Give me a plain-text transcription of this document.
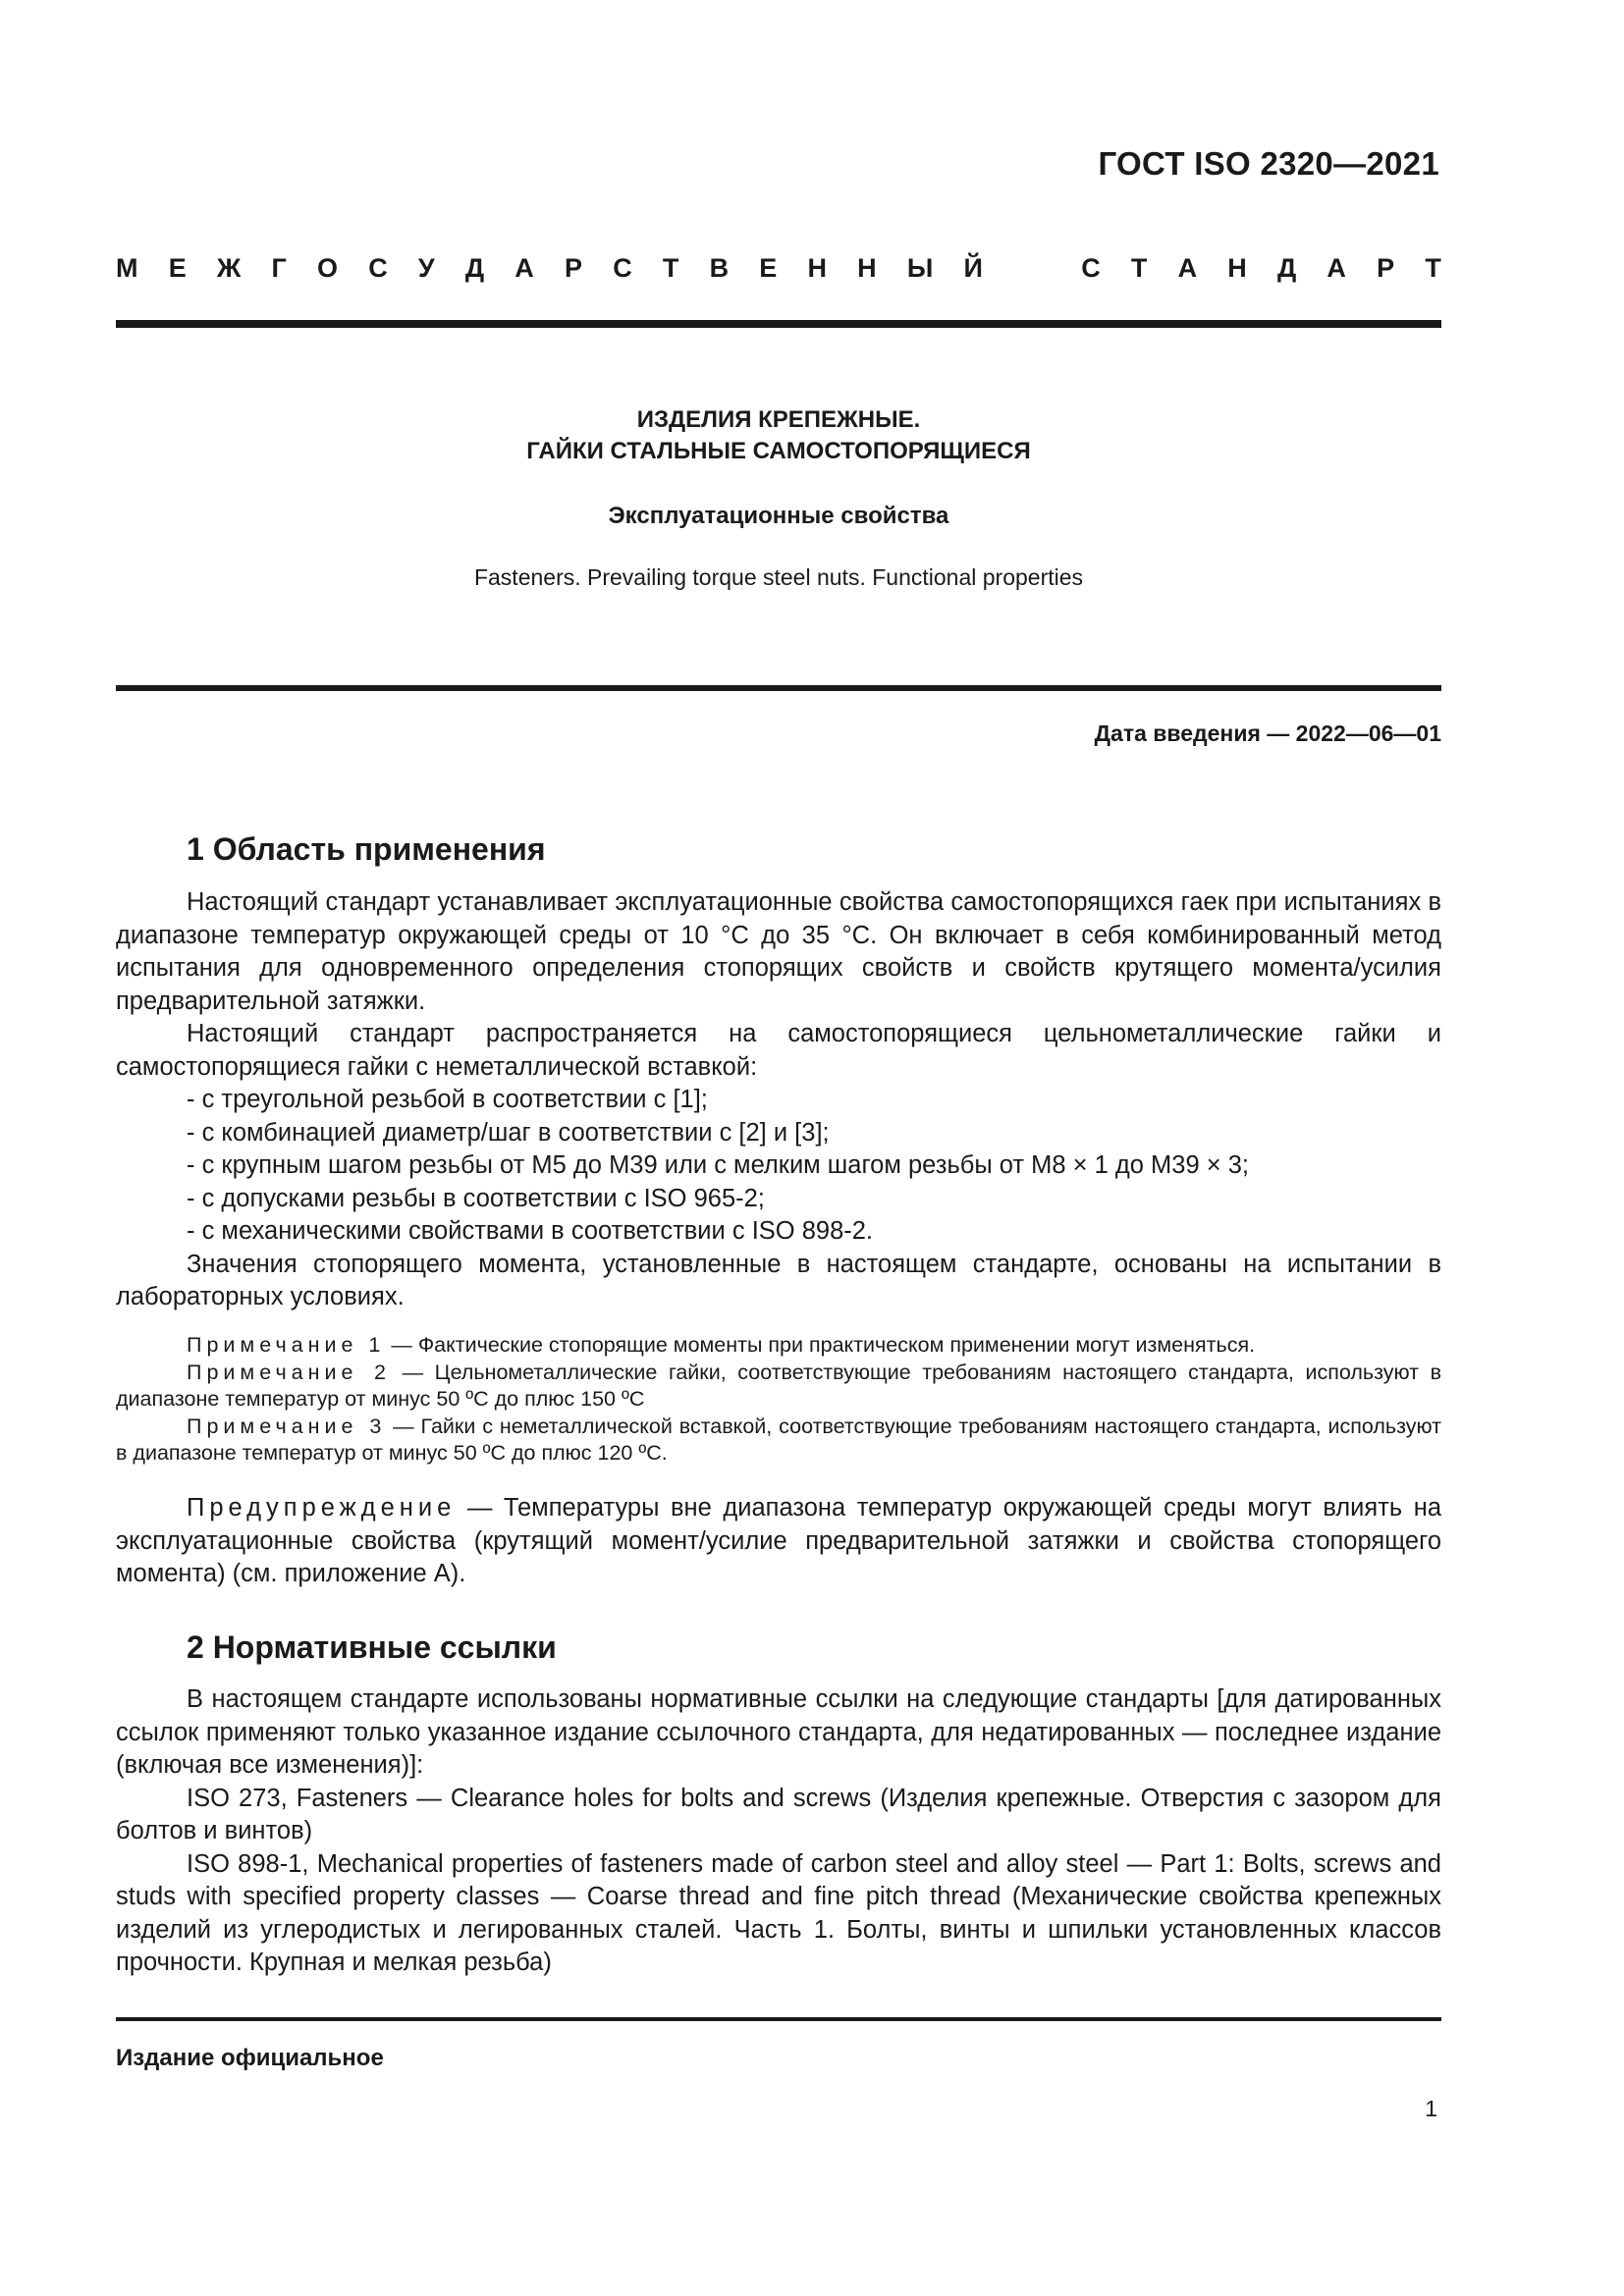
ГОСТ ISO 2320—2021
М Е Ж Г О С У Д А Р С Т В Е Н Н Ы Й	С Т А Н Д А Р Т
ИЗДЕЛИЯ КРЕПЕЖНЫЕ.
ГАЙКИ СТАЛЬНЫЕ САМОСТОПОРЯЩИЕСЯ
Эксплуатационные свойства
Fasteners. Prevailing torque steel nuts. Functional properties
Дата введения — 2022—06—01
1 Область применения

Настоящий стандарт устанавливает эксплуатационные свойства самостопорящихся гаек при испытаниях в диапазоне температур окружающей среды от 10 °С до 35 °С. Он включает в себя комбинированный метод испытания для одновременного определения стопорящих свойств и свойств крутящего момента/усилия предварительной затяжки.

Настоящий стандарт распространяется на самостопорящиеся цельнометаллические гайки и самостопорящиеся гайки с неметаллической вставкой:

- с треугольной резьбой в соответствии с [1];

- с комбинацией диаметр/шаг в соответствии с [2] и [3];

- с крупным шагом резьбы от M5 до M39 или с мелким шагом резьбы от M8 × 1 до M39 × 3;

- с допусками резьбы в соответствии с ISO 965-2;

- с механическими свойствами в соответствии с ISO 898-2.

Значения стопорящего момента, установленные в настоящем стандарте, основаны на испытании в лабораторных условиях.

Примечание 1 — Фактические стопорящие моменты при практическом применении могут изменяться.

Примечание 2 — Цельнометаллические гайки, соответствующие требованиям настоящего стандарта, используют в диапазоне температур от минус 50 ºС до плюс 150 ºС

Примечание 3 — Гайки с неметаллической вставкой, соответствующие требованиям настоящего стандарта, используют в диапазоне температур от минус 50 ºС до плюс 120 ºС.

Предупреждение — Температуры вне диапазона температур окружающей среды могут влиять на эксплуатационные свойства (крутящий момент/усилие предварительной затяжки и свойства стопорящего момента) (см. приложение А).

2 Нормативные ссылки

В настоящем стандарте использованы нормативные ссылки на следующие стандарты [для датированных ссылок применяют только указанное издание ссылочного стандарта, для недатированных — последнее издание (включая все изменения)]:

ISO 273, Fasteners — Clearance holes for bolts and screws (Изделия крепежные. Отверстия с зазором для болтов и винтов)

ISO 898-1, Mechanical properties of fasteners made of carbon steel and alloy steel — Part 1: Bolts, screws and studs with specified property classes — Coarse thread and fine pitch thread (Механические свойства крепежных изделий из углеродистых и легированных сталей. Часть 1. Болты, винты и шпильки установленных классов прочности. Крупная и мелкая резьба)

Издание официальное
1
